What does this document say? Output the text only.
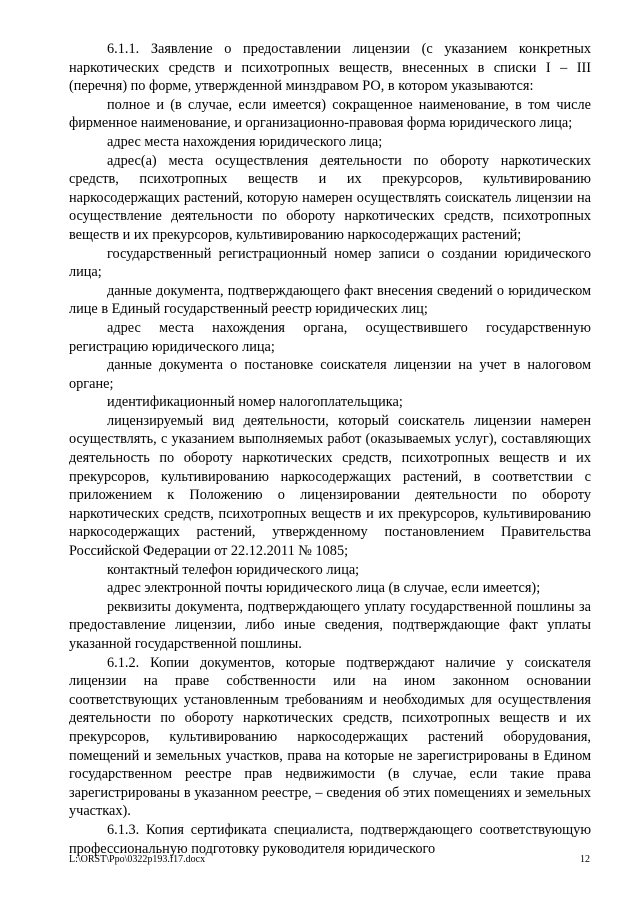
6.1.1. Заявление о предоставлении лицензии (с указанием конкретных наркотических средств и психотропных веществ, внесенных в списки I – III (перечня) по форме, утвержденной минздравом РО, в котором указываются:

полное и (в случае, если имеется) сокращенное наименование, в том числе фирменное наименование, и организационно-правовая форма юридического лица;

адрес места нахождения юридического лица;

адрес(а) места осуществления деятельности по обороту наркотических средств, психотропных веществ и их прекурсоров, культивированию наркосодержащих растений, которую намерен осуществлять соискатель лицензии на осуществление деятельности по обороту наркотических средств, психотропных веществ и их прекурсоров, культивированию наркосодержащих растений;

государственный регистрационный номер записи о создании юридического лица;

данные документа, подтверждающего факт внесения сведений о юридическом лице в Единый государственный реестр юридических лиц;

адрес места нахождения органа, осуществившего государственную регистрацию юридического лица;

данные документа о постановке соискателя лицензии на учет в налоговом органе;

идентификационный номер налогоплательщика;

лицензируемый вид деятельности, который соискатель лицензии намерен осуществлять, с указанием выполняемых работ (оказываемых услуг), составляющих деятельность по обороту наркотических средств, психотропных веществ и их прекурсоров, культивированию наркосодержащих растений, в соответствии с приложением к Положению о лицензировании деятельности по обороту наркотических средств, психотропных веществ и их прекурсоров, культивированию наркосодержащих растений, утвержденному постановлением Правительства Российской Федерации от 22.12.2011 № 1085;

контактный телефон юридического лица;

адрес электронной почты юридического лица (в случае, если имеется);

реквизиты документа, подтверждающего уплату государственной пошлины за предоставление лицензии, либо иные сведения, подтверждающие факт уплаты указанной государственной пошлины.

6.1.2. Копии документов, которые подтверждают наличие у соискателя лицензии на праве собственности или на ином законном основании соответствующих установленным требованиям и необходимых для осуществления деятельности по обороту наркотических средств, психотропных веществ и их прекурсоров, культивированию наркосодержащих растений оборудования, помещений и земельных участков, права на которые не зарегистрированы в Едином государственном реестре прав недвижимости (в случае, если такие права зарегистрированы в указанном реестре, – сведения об этих помещениях и земельных участках).

6.1.3. Копия сертификата специалиста, подтверждающего соответствующую профессиональную подготовку руководителя юридического

L:\ORST\Ppo\0322p193.f17.docx	12
